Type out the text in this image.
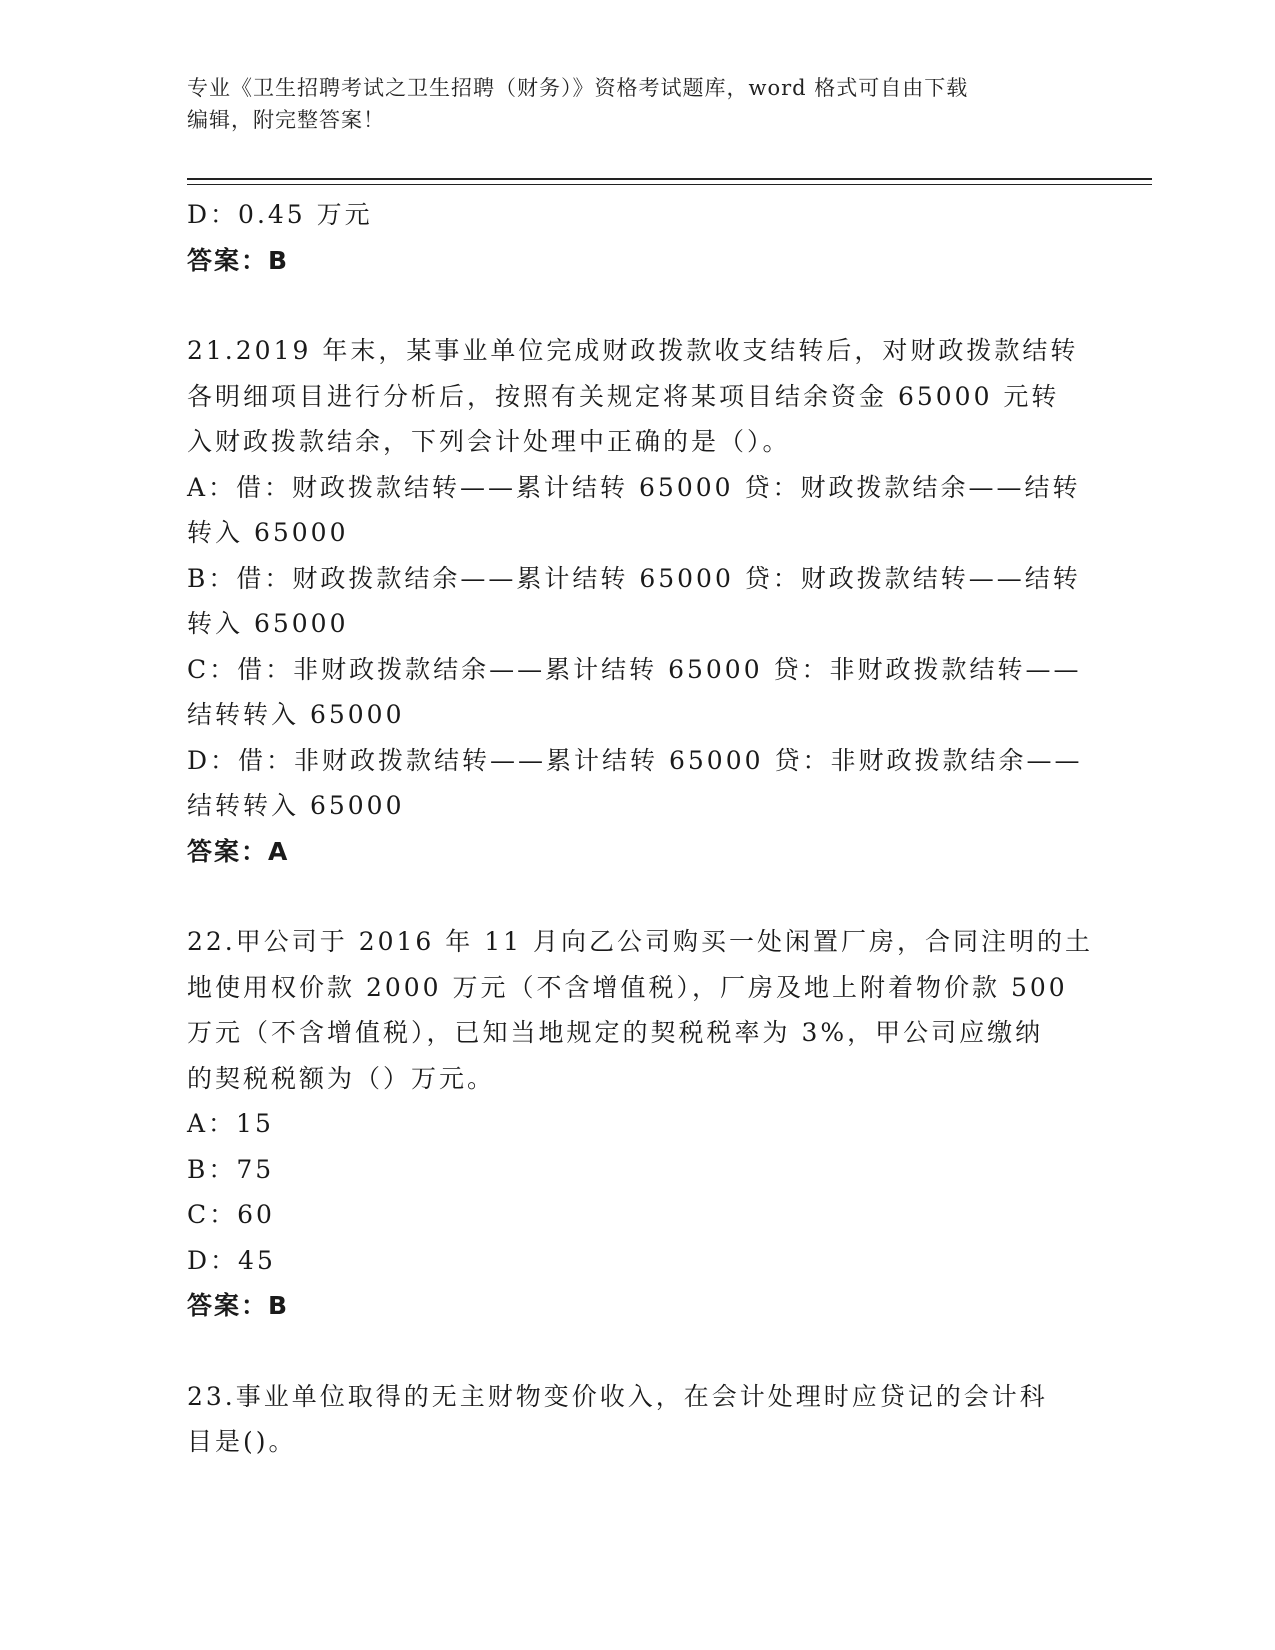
专业《卫生招聘考试之卫生招聘（财务）》资格考试题库，word 格式可自由下载
编辑，附完整答案！
D：0.45 万元
答案：B
21.2019 年末，某事业单位完成财政拨款收支结转后，对财政拨款结转
各明细项目进行分析后，按照有关规定将某项目结余资金 65000 元转
入财政拨款结余，下列会计处理中正确的是（）。
A：借：财政拨款结转——累计结转 65000 贷：财政拨款结余——结转
转入 65000
B：借：财政拨款结余——累计结转 65000 贷：财政拨款结转——结转
转入 65000
C：借：非财政拨款结余——累计结转 65000 贷：非财政拨款结转——
结转转入 65000
D：借：非财政拨款结转——累计结转 65000 贷：非财政拨款结余——
结转转入 65000
答案：A
22.甲公司于 2016 年 11 月向乙公司购买一处闲置厂房，合同注明的土
地使用权价款 2000 万元（不含增值税），厂房及地上附着物价款 500
万元（不含增值税），已知当地规定的契税税率为 3%，甲公司应缴纳
的契税税额为（）万元。
A：15
B：75
C：60
D：45
答案：B
23.事业单位取得的无主财物变价收入，在会计处理时应贷记的会计科
目是()。
